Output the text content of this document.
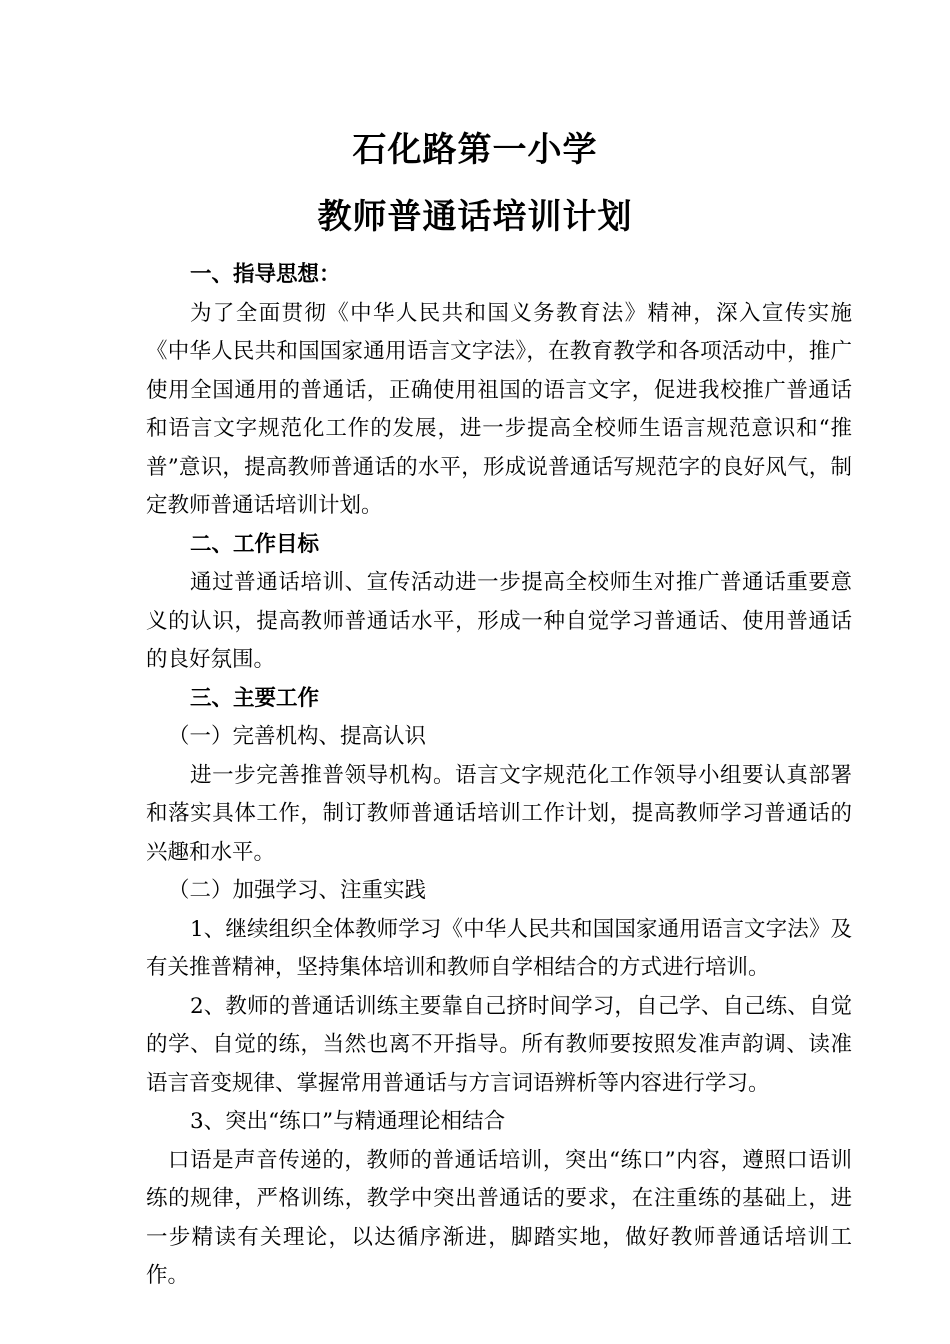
石化路第一小学
教师普通话培训计划

一、指导思想：

为了全面贯彻《中华人民共和国义务教育法》精神，深入宣传实施《中华人民共和国国家通用语言文字法》，在教育教学和各项活动中，推广使用全国通用的普通话，正确使用祖国的语言文字，促进我校推广普通话和语言文字规范化工作的发展，进一步提高全校师生语言规范意识和“推普”意识，提高教师普通话的水平，形成说普通话写规范字的良好风气，制定教师普通话培训计划。

二、工作目标

通过普通话培训、宣传活动进一步提高全校师生对推广普通话重要意义的认识，提高教师普通话水平，形成一种自觉学习普通话、使用普通话的良好氛围。

三、主要工作

（一）完善机构、提高认识

进一步完善推普领导机构。语言文字规范化工作领导小组要认真部署和落实具体工作，制订教师普通话培训工作计划，提高教师学习普通话的兴趣和水平。

（二）加强学习、注重实践

1、继续组织全体教师学习《中华人民共和国国家通用语言文字法》及有关推普精神，坚持集体培训和教师自学相结合的方式进行培训。

2、教师的普通话训练主要靠自己挤时间学习，自己学、自己练、自觉的学、自觉的练，当然也离不开指导。所有教师要按照发准声韵调、读准语言音变规律、掌握常用普通话与方言词语辨析等内容进行学习。

3、突出“练口”与精通理论相结合

口语是声音传递的，教师的普通话培训，突出“练口”内容，遵照口语训练的规律，严格训练，教学中突出普通话的要求，在注重练的基础上，进一步精读有关理论，以达循序渐进，脚踏实地，做好教师普通话培训工作。
